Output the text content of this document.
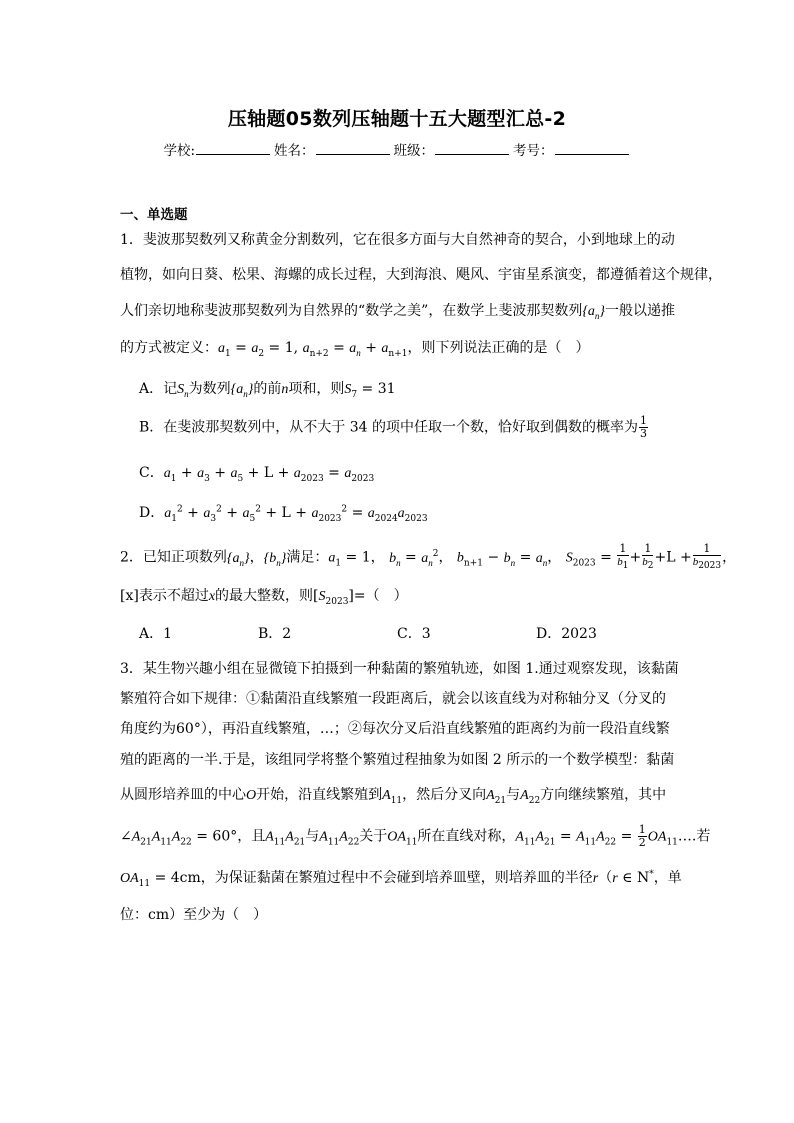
压轴题05数列压轴题十五大题型汇总-2
学校:	姓名：	班级：	考号：
一、单选题
1．斐波那契数列又称黄金分割数列，它在很多方面与大自然神奇的契合，小到地球上的动
植物，如向日葵、松果、海螺的成长过程，大到海浪、飓风、宇宙星系演变，都遵循着这个规律，
人们亲切地称斐波那契数列为自然界的“数学之美”，在数学上斐波那契数列$\{a_n\}$一般以递推
的方式被定义：$a_1 = a_2 = 1$, $a_{n+2} = a_n + a_{n+1}$，则下列说法正确的是（　）
A．记$S_n$为数列$\{a_n\}$的前n项和，则$S_7 = 31$
B．在斐波那契数列中，从不大于 34 的项中任取一个数，恰好取到偶数的概率为 $\frac{1}{3}$
C．$a_1 + a_3 + a_5 + L + a_{2023} = a_{2023}$
D．$a_1^2 + a_3^2 + a_5^2 + L + a_{2023}^2 = a_{2024}a_{2023}$
2．已知正项数列$\{a_n\}$，$\{b_n\}$满足：$a_1 = 1$， $b_n = a_n^2$， $b_{n+1} - b_n = a_n$， $S_{2023} = \frac{1}{b_1} + \frac{1}{b_2} +L + \frac{1}{b_{2023}}$ ，
[x]表示不超过x的最大整数，则$[S_{2023}]=$（　）
A．1	B．2	C．3	D．2023
3．某生物兴趣小组在显微镜下拍摄到一种黏菌的繁殖轨迹，如图 1.通过观察发现，该黏菌
繁殖符合如下规律：①黏菌沿直线繁殖一段距离后，就会以该直线为对称轴分叉（分叉的
角度约为60°），再沿直线繁殖，…；②每次分叉后沿直线繁殖的距离约为前一段沿直线繁
殖的距离的一半.于是，该组同学将整个繁殖过程抽象为如图 2 所示的一个数学模型：黏菌
从圆形培养皿的中心O开始，沿直线繁殖到$A_{11}$，然后分叉向$A_{21}$与$A_{22}$方向继续繁殖，其中
$\angle A_{21}A_{11}A_{22} = 60^\circ$，且$A_{11}A_{21}$与$A_{11}A_{22}$关于$OA_{11}$所在直线对称，$A_{11}A_{21} = A_{11}A_{22} = \frac{1}{2}$ $OA_{11}\dots$.若
$OA_{11} = 4cm$，为保证黏菌在繁殖过程中不会碰到培养皿壁，则培养皿的半径r（r ∈ N*，单
位：cm）至少为（　）
